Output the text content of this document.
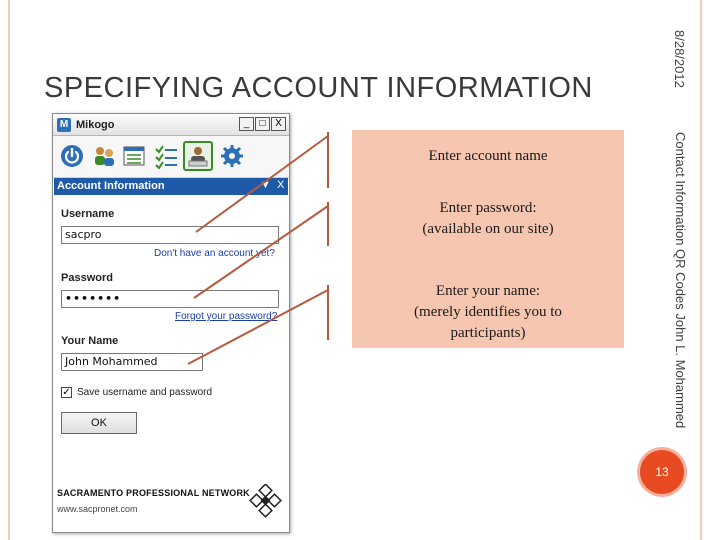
SPECIFYING ACCOUNT INFORMATION
8/28/2012
Contact Information QR Codes John L. Mohammed
13
Enter account name
Enter password:
(available on our site)
Enter your name:
(merely identifies you to
participants)
M Mikogo	_	□ X
Account Information	▼ X
Username
sacpro
Don't have an account yet?
Password
•••••••
Forgot your password?
Your Name
John Mohammed
✓ Save username and password
OK
SACRAMENTO PROFESSIONAL NETWORK
www.sacpronet.com
